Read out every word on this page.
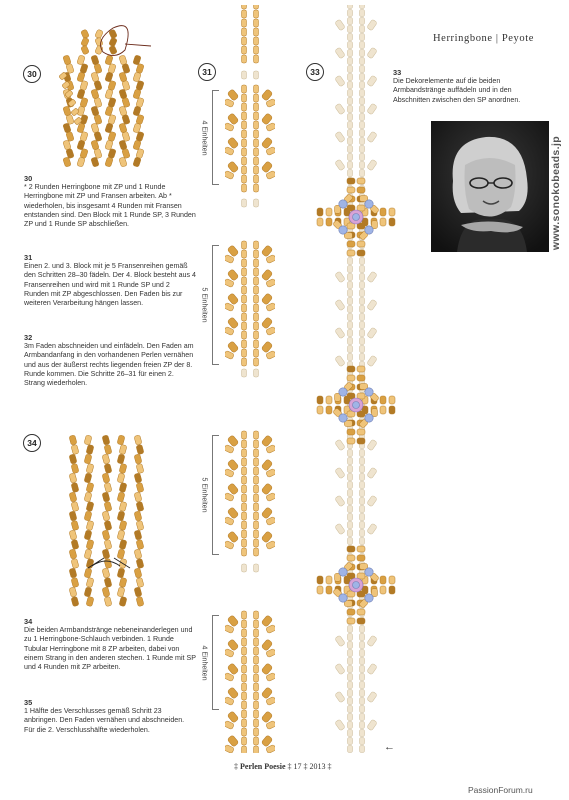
Herringbone | Peyote
30	31	33
34
4 Einheiten
5 Einheiten
5 Einheiten
4 Einheiten
30
* 2 Runden Herringbone mit ZP und 1 Runde Herringbone mit ZP und Fransen arbeiten. Ab * wiederholen, bis insgesamt 4 Runden mit Fransen entstanden sind. Den Block mit 1 Runde SP, 3 Runden ZP und 1 Runde SP abschließen.
31
Einen 2. und 3. Block mit je 5 Fransenreihen gemäß den Schritten 28–30 fädeln. Der 4. Block besteht aus 4 Fransenreihen und wird mit 1 Runde SP und 2 Runden mit ZP abgeschlossen. Den Faden bis zur weiteren Verarbeitung hängen lassen.
32
3m Faden abschneiden und einfädeln. Den Faden am Armbandanfang in den vorhandenen Perlen vernähen und aus der äußerst rechts liegenden freien ZP der 8. Runde kommen. Die Schritte 26–31 für einen 2. Strang wiederholen.
33
Die Dekorelemente auf die beiden Armbandstränge auffädeln und in den Abschnitten zwischen den SP anordnen.
34
Die beiden Armbandstränge nebeneinanderlegen und zu 1 Herringbone-Schlauch verbinden. 1 Runde Tubular Herringbone mit 8 ZP arbeiten, dabei von einem Strang in den anderen stechen. 1 Runde mit SP und 4 Runden mit ZP arbeiten.
35
1 Hälfte des Verschlusses gemäß Schritt 23 anbringen. Den Faden vernähen und abschneiden. Für die 2. Verschlusshälfte wiederholen.
www.sonokobeads.jp
‡ Perlen Poesie ‡ 17 ‡ 2013 ‡
←
PassionForum.ru
